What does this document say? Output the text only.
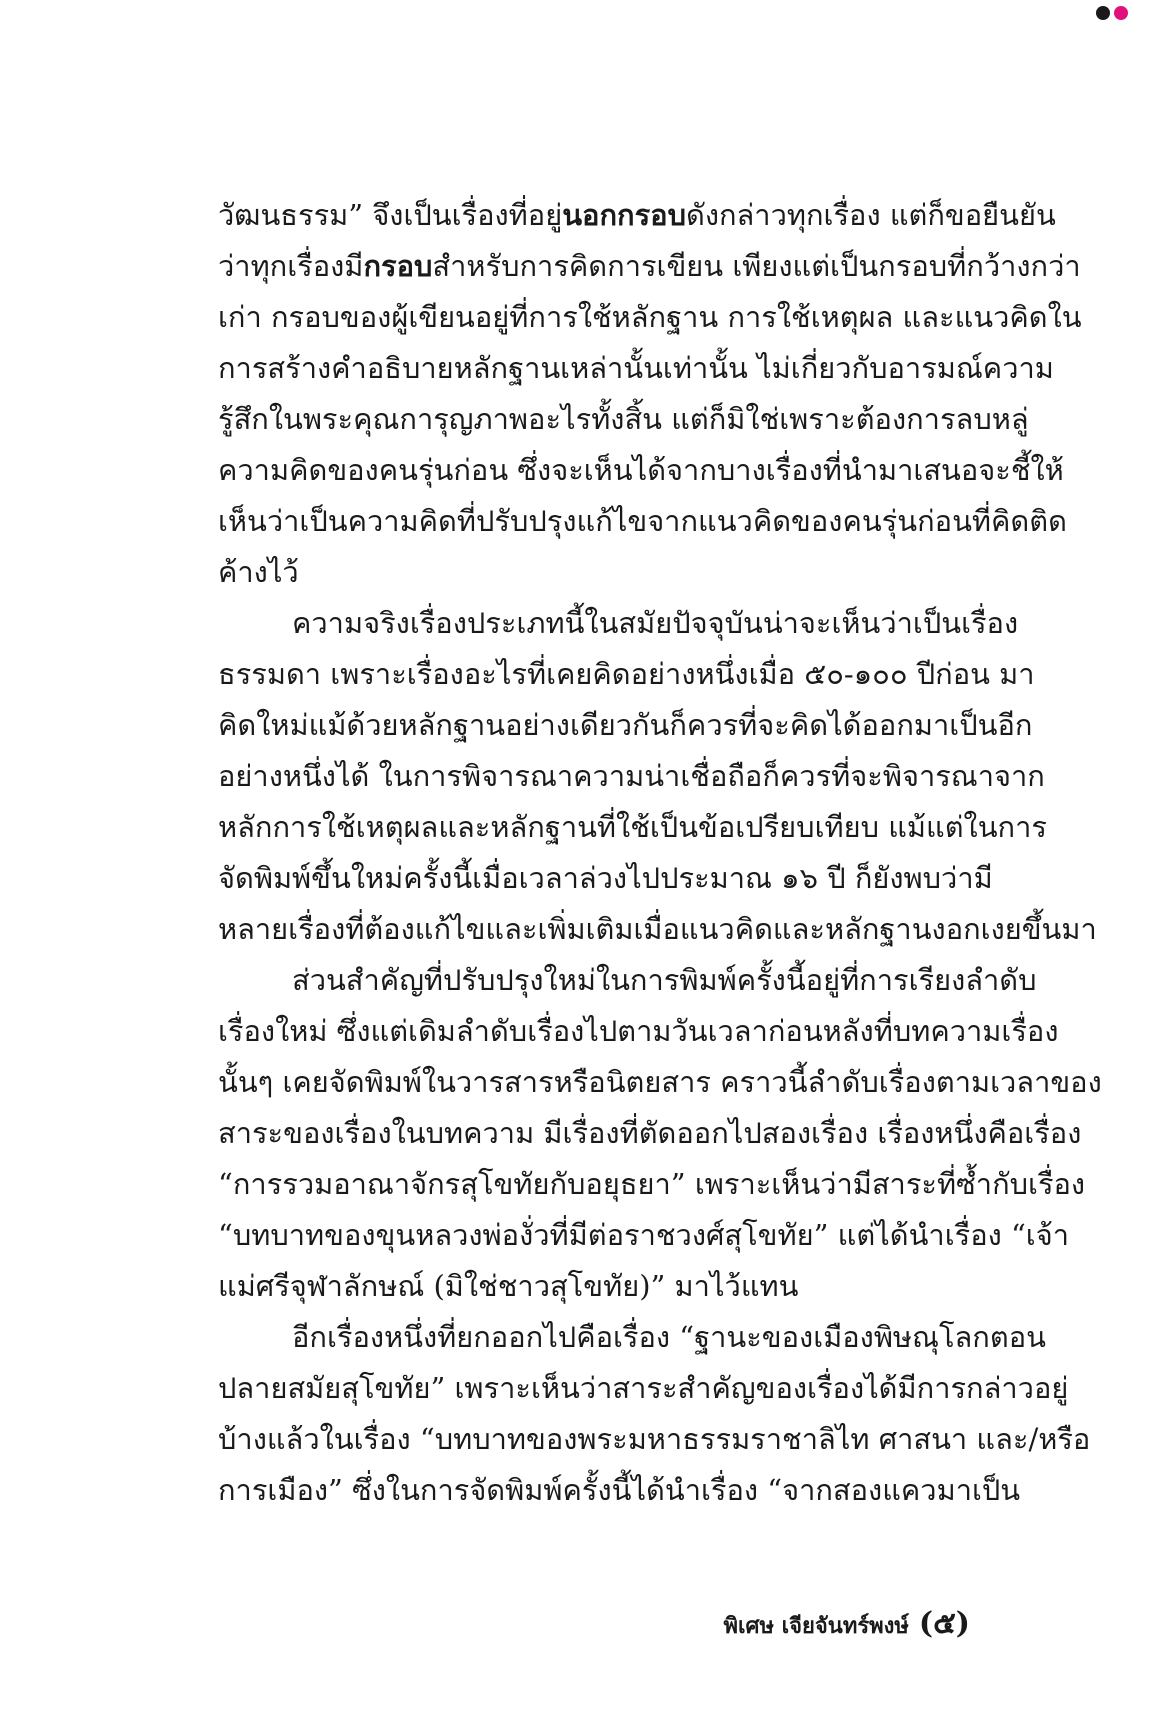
วัฒนธรรม” จึงเป็นเรื่องที่อยู่นอกกรอบดังกล่าวทุกเรื่อง แต่ก็ขอยืนยัน
ว่าทุกเรื่องมีกรอบสำหรับการคิดการเขียน เพียงแต่เป็นกรอบที่กว้างกว่า
เก่า กรอบของผู้เขียนอยู่ที่การใช้หลักฐาน การใช้เหตุผล และแนวคิดใน
การสร้างคำอธิบายหลักฐานเหล่านั้นเท่านั้น ไม่เกี่ยวกับอารมณ์ความ
รู้สึกในพระคุณการุญภาพอะไรทั้งสิ้น แต่ก็มิใช่เพราะต้องการลบหลู่
ความคิดของคนรุ่นก่อน ซึ่งจะเห็นได้จากบางเรื่องที่นำมาเสนอจะชี้ให้
เห็นว่าเป็นความคิดที่ปรับปรุงแก้ไขจากแนวคิดของคนรุ่นก่อนที่คิดติด
ค้างไว้
ความจริงเรื่องประเภทนี้ในสมัยปัจจุบันน่าจะเห็นว่าเป็นเรื่อง
ธรรมดา เพราะเรื่องอะไรที่เคยคิดอย่างหนึ่งเมื่อ ๕๐-๑๐๐ ปีก่อน มา
คิดใหม่แม้ด้วยหลักฐานอย่างเดียวกันก็ควรที่จะคิดได้ออกมาเป็นอีก
อย่างหนึ่งได้ ในการพิจารณาความน่าเชื่อถือก็ควรที่จะพิจารณาจาก
หลักการใช้เหตุผลและหลักฐานที่ใช้เป็นข้อเปรียบเทียบ แม้แต่ในการ
จัดพิมพ์ขึ้นใหม่ครั้งนี้เมื่อเวลาล่วงไปประมาณ ๑๖ ปี ก็ยังพบว่ามี
หลายเรื่องที่ต้องแก้ไขและเพิ่มเติมเมื่อแนวคิดและหลักฐานงอกเงยขึ้นมา
ส่วนสำคัญที่ปรับปรุงใหม่ในการพิมพ์ครั้งนี้อยู่ที่การเรียงลำดับ
เรื่องใหม่ ซึ่งแต่เดิมลำดับเรื่องไปตามวันเวลาก่อนหลังที่บทความเรื่อง
นั้นๆ เคยจัดพิมพ์ในวารสารหรือนิตยสาร คราวนี้ลำดับเรื่องตามเวลาของ
สาระของเรื่องในบทความ มีเรื่องที่ตัดออกไปสองเรื่อง เรื่องหนึ่งคือเรื่อง
“การรวมอาณาจักรสุโขทัยกับอยุธยา” เพราะเห็นว่ามีสาระที่ซ้ำกับเรื่อง
“บทบาทของขุนหลวงพ่องั่วที่มีต่อราชวงศ์สุโขทัย” แต่ได้นำเรื่อง “เจ้า
แม่ศรีจุฬาลักษณ์ (มิใช่ชาวสุโขทัย)” มาไว้แทน
อีกเรื่องหนึ่งที่ยกออกไปคือเรื่อง “ฐานะของเมืองพิษณุโลกตอน
ปลายสมัยสุโขทัย” เพราะเห็นว่าสาระสำคัญของเรื่องได้มีการกล่าวอยู่
บ้างแล้วในเรื่อง “บทบาทของพระมหาธรรมราชาลิไท ศาสนา และ/หรือ
การเมือง” ซึ่งในการจัดพิมพ์ครั้งนี้ได้นำเรื่อง “จากสองแควมาเป็น
พิเศษ เจียจันทร์พงษ์ (๕)
